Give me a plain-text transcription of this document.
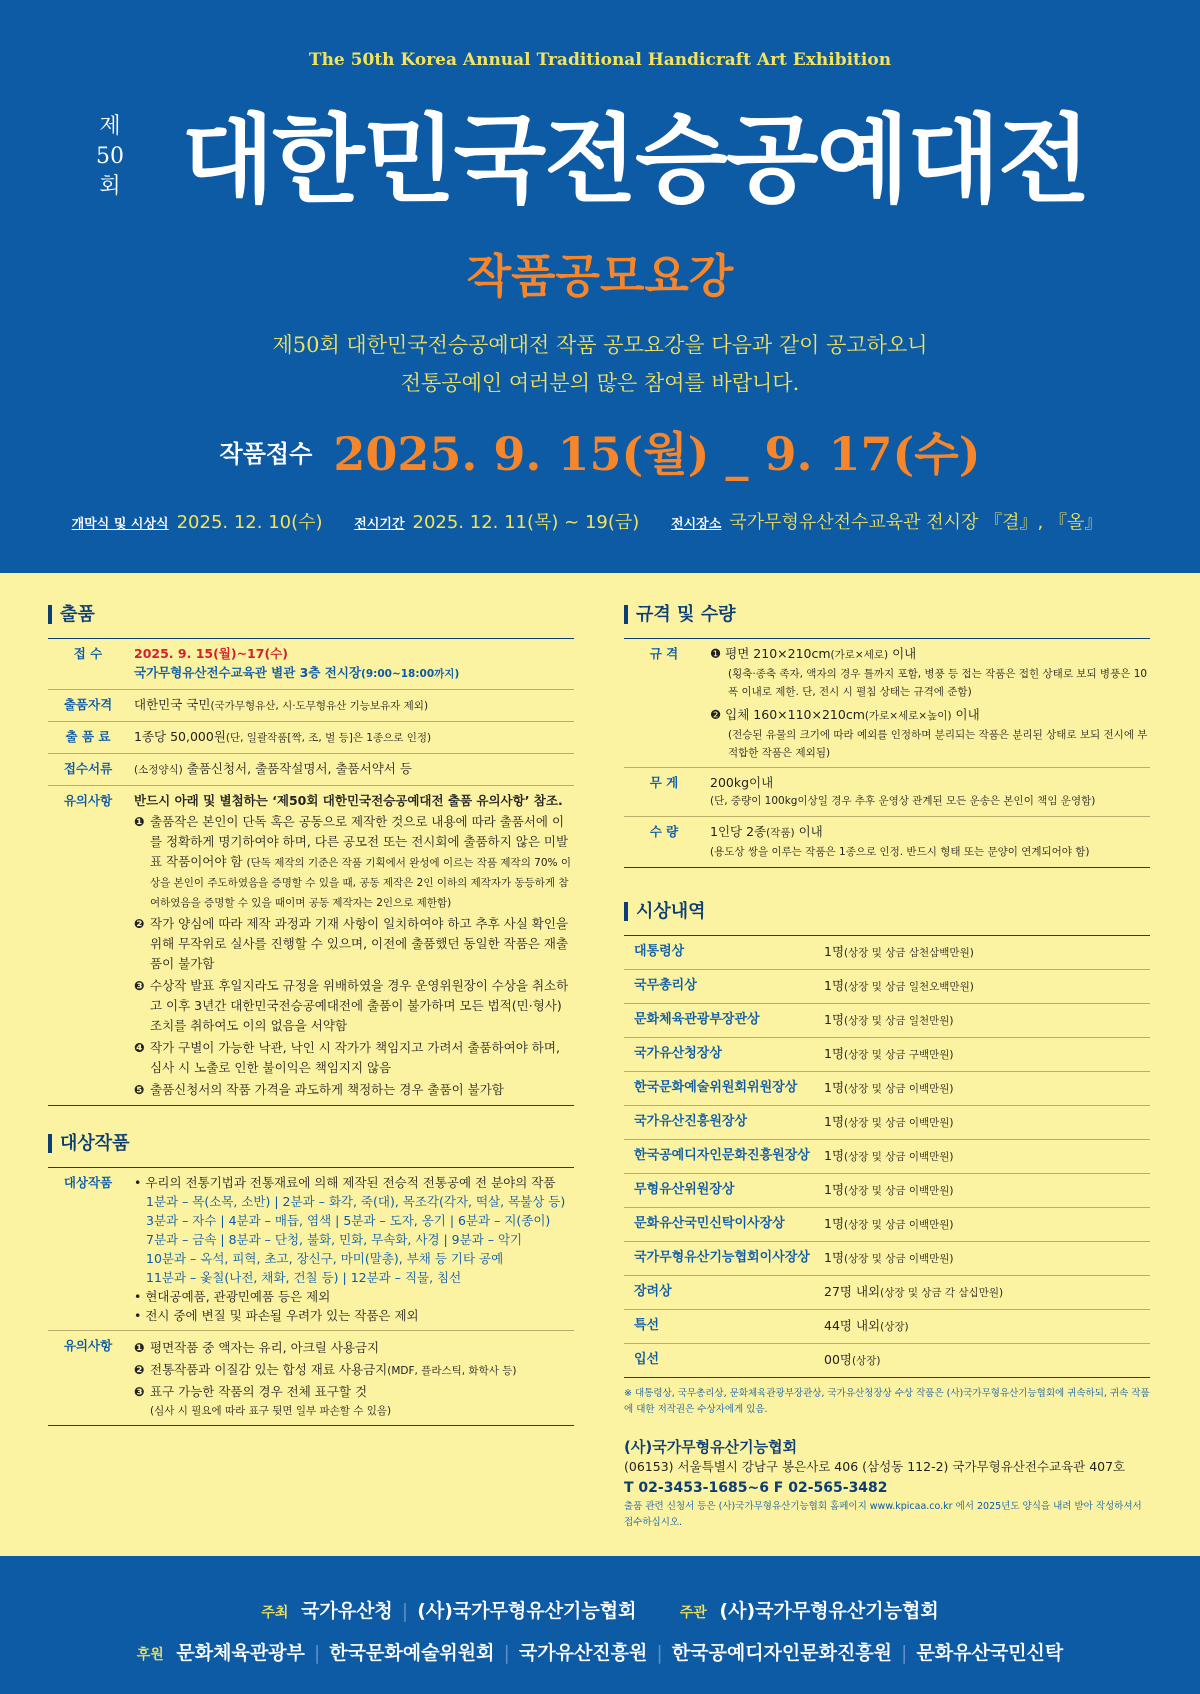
The 50th Korea Annual Traditional Handicraft Art Exhibition
제
50
회 대한민국전승공예대전
작품공모요강
제50회 대한민국전승공예대전 작품 공모요강을 다음과 같이 공고하오니
전통공예인 여러분의 많은 참여를 바랍니다.
작품접수 2025. 9. 15(월) _ 9. 17(수)
개막식 및 시상식 2025. 12. 10(수) 전시기간 2025. 12. 11(목) ~ 19(금) 전시장소 국가무형유산전수교육관 전시장 『결』, 『올』
출품
접 수	2025. 9. 15(월)~17(수)
국가무형유산전수교육관 별관 3층 전시장(9:00~18:00까지)
출품자격	대한민국 국민(국가무형유산, 시·도무형유산 기능보유자 제외)
출 품 료	1종당 50,000원(단, 일괄작품[짝, 조, 벌 등]은 1종으로 인정)
접수서류	(소정양식) 출품신청서, 출품작설명서, 출품서약서 등
유의사항	반드시 아래 및 별첨하는 ‘제50회 대한민국전승공예대전 출품 유의사항’ 참조.
❶ 출품작은 본인이 단독 혹은 공동으로 제작한 것으로 내용에 따라 출품서에 이를 정확하게 명기하여야 하며, 다른 공모전 또는 전시회에 출품하지 않은 미발표 작품이어야 함 (단독 제작의 기준은 작품 기획에서 완성에 이르는 작품 제작의 70% 이상을 본인이 주도하였음을 증명할 수 있을 때, 공동 제작은 2인 이하의 제작자가 동등하게 참여하였음을 증명할 수 있을 때이며 공동 제작자는 2인으로 제한함)
❷ 작가 양심에 따라 제작 과정과 기재 사항이 일치하여야 하고 추후 사실 확인을 위해 무작위로 실사를 진행할 수 있으며, 이전에 출품했던 동일한 작품은 재출품이 불가함
❸ 수상작 발표 후일지라도 규정을 위배하였을 경우 운영위원장이 수상을 취소하고 이후 3년간 대한민국전승공예대전에 출품이 불가하며 모든 법적(민·형사) 조치를 취하여도 이의 없음을 서약함
❹ 작가 구별이 가능한 낙관, 낙인 시 작가가 책임지고 가려서 출품하여야 하며, 심사 시 노출로 인한 불이익은 책임지지 않음
❺ 출품신청서의 작품 가격을 과도하게 책정하는 경우 출품이 불가함
대상작품
대상작품	• 우리의 전통기법과 전통재료에 의해 제작된 전승적 전통공예 전 분야의 작품
1분과 – 목(소목, 소반) | 2분과 – 화각, 죽(대), 목조각(각자, 떡살, 목불상 등)
3분과 – 자수 | 4분과 – 매듭, 염색 | 5분과 – 도자, 옹기 | 6분과 – 지(종이)
7분과 – 금속 | 8분과 – 단청, 불화, 민화, 무속화, 사경 | 9분과 – 악기
10분과 – 옥석, 피혁, 초고, 장신구, 마미(말총), 부채 등 기타 공예
11분과 – 옻칠(나전, 채화, 건칠 등) | 12분과 – 직물, 침선
• 현대공예품, 관광민예품 등은 제외
• 전시 중에 변질 및 파손될 우려가 있는 작품은 제외
유의사항	❶ 평면작품 중 액자는 유리, 아크릴 사용금지
❷ 전통작품과 이질감 있는 합성 재료 사용금지(MDF, 플라스틱, 화학사 등)
❸ 표구 가능한 작품의 경우 전체 표구할 것
(심사 시 필요에 따라 표구 뒷면 일부 파손할 수 있음)
규격 및 수량
규 격	❶ 평면 210×210cm(가로×세로) 이내
(횡축·종축 족자, 액자의 경우 틀까지 포함, 병풍 등 접는 작품은 접힌 상태로 보되 병풍은 10폭 이내로 제한. 단, 전시 시 펼침 상태는 규격에 준함)
❷ 입체 160×110×210cm(가로×세로×높이) 이내
(전승된 유물의 크기에 따라 예외를 인정하며 분리되는 작품은 분리된 상태로 보되 전시에 부적합한 작품은 제외됨)
무 게	200kg이내
(단, 중량이 100kg이상일 경우 추후 운영상 관계된 모든 운송은 본인이 책임 운영함)
수 량	1인당 2종(작품) 이내
(용도상 쌍을 이루는 작품은 1종으로 인정. 반드시 형태 또는 문양이 연계되어야 함)
시상내역
대통령상	1명(상장 및 상금 삼천삼백만원)
국무총리상	1명(상장 및 상금 일천오백만원)
문화체육관광부장관상	1명(상장 및 상금 일천만원)
국가유산청장상	1명(상장 및 상금 구백만원)
한국문화예술위원회위원장상	1명(상장 및 상금 이백만원)
국가유산진흥원장상	1명(상장 및 상금 이백만원)
한국공예디자인문화진흥원장상	1명(상장 및 상금 이백만원)
무형유산위원장상	1명(상장 및 상금 이백만원)
문화유산국민신탁이사장상	1명(상장 및 상금 이백만원)
국가무형유산기능협회이사장상	1명(상장 및 상금 이백만원)
장려상	27명 내외(상장 및 상금 각 삼십만원)
특선	44명 내외(상장)
입선	00명(상장)
※ 대통령상, 국무총리상, 문화체육관광부장관상, 국가유산청장상 수상 작품은 (사)국가무형유산기능협회에 귀속하되, 귀속 작품에 대한 저작권은 수상자에게 있음.
(사)국가무형유산기능협회
(06153) 서울특별시 강남구 봉은사로 406 (삼성동 112-2) 국가무형유산전수교육관 407호
T 02-3453-1685~6 F 02-565-3482
출품 관련 신청서 등은 (사)국가무형유산기능협회 홈페이지 www.kpicaa.co.kr 에서 2025년도 양식을 내려 받아 작성하셔서 접수하십시오.
주최 국가유산청 | (사)국가무형유산기능협회	주관 (사)국가무형유산기능협회
후원 문화체육관광부 | 한국문화예술위원회 | 국가유산진흥원 | 한국공예디자인문화진흥원 | 문화유산국민신탁
